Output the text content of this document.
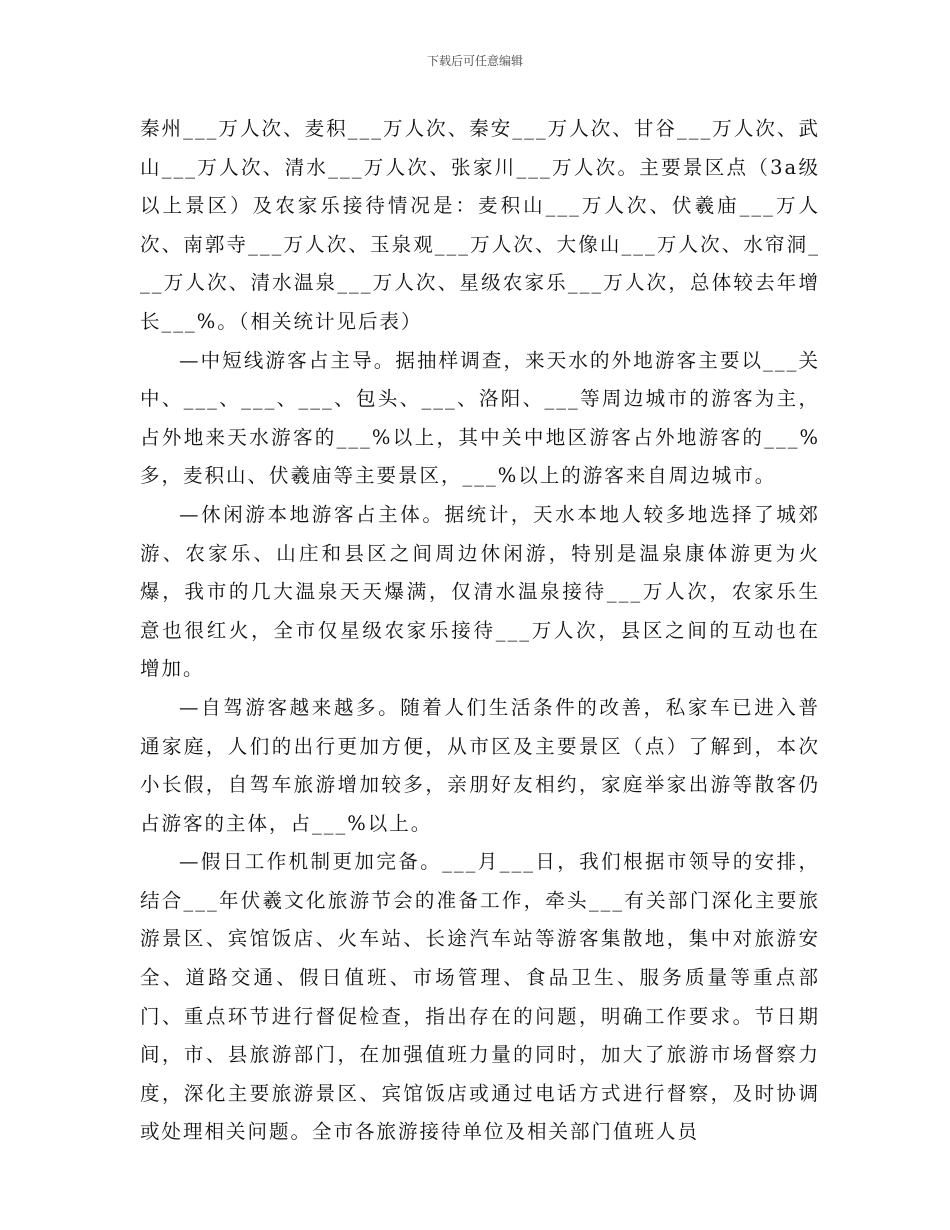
下载后可任意编辑

秦州___万人次、麦积___万人次、秦安___万人次、甘谷___万人次、武山___万人次、清水___万人次、张家川___万人次。主要景区点（3a级以上景区）及农家乐接待情况是：麦积山___万人次、伏羲庙___万人次、南郭寺___万人次、玉泉观___万人次、大像山___万人次、水帘洞___万人次、清水温泉___万人次、星级农家乐___万人次，总体较去年增长___%。（相关统计见后表）

—中短线游客占主导。据抽样调查，来天水的外地游客主要以___关中、___、___、___、包头、___、洛阳、___等周边城市的游客为主，占外地来天水游客的___%以上，其中关中地区游客占外地游客的___%多，麦积山、伏羲庙等主要景区，___%以上的游客来自周边城市。

—休闲游本地游客占主体。据统计，天水本地人较多地选择了城郊游、农家乐、山庄和县区之间周边休闲游，特别是温泉康体游更为火爆，我市的几大温泉天天爆满，仅清水温泉接待___万人次，农家乐生意也很红火，全市仅星级农家乐接待___万人次，县区之间的互动也在增加。

—自驾游客越来越多。随着人们生活条件的改善，私家车已进入普通家庭，人们的出行更加方便，从市区及主要景区（点）了解到，本次小长假，自驾车旅游增加较多，亲朋好友相约，家庭举家出游等散客仍占游客的主体，占___%以上。

—假日工作机制更加完备。___月___日，我们根据市领导的安排，结合___年伏羲文化旅游节会的准备工作，牵头___有关部门深化主要旅游景区、宾馆饭店、火车站、长途汽车站等游客集散地，集中对旅游安全、道路交通、假日值班、市场管理、食品卫生、服务质量等重点部门、重点环节进行督促检查，指出存在的问题，明确工作要求。节日期间，市、县旅游部门，在加强值班力量的同时，加大了旅游市场督察力度，深化主要旅游景区、宾馆饭店或通过电话方式进行督察，及时协调或处理相关问题。全市各旅游接待单位及相关部门值班人员
